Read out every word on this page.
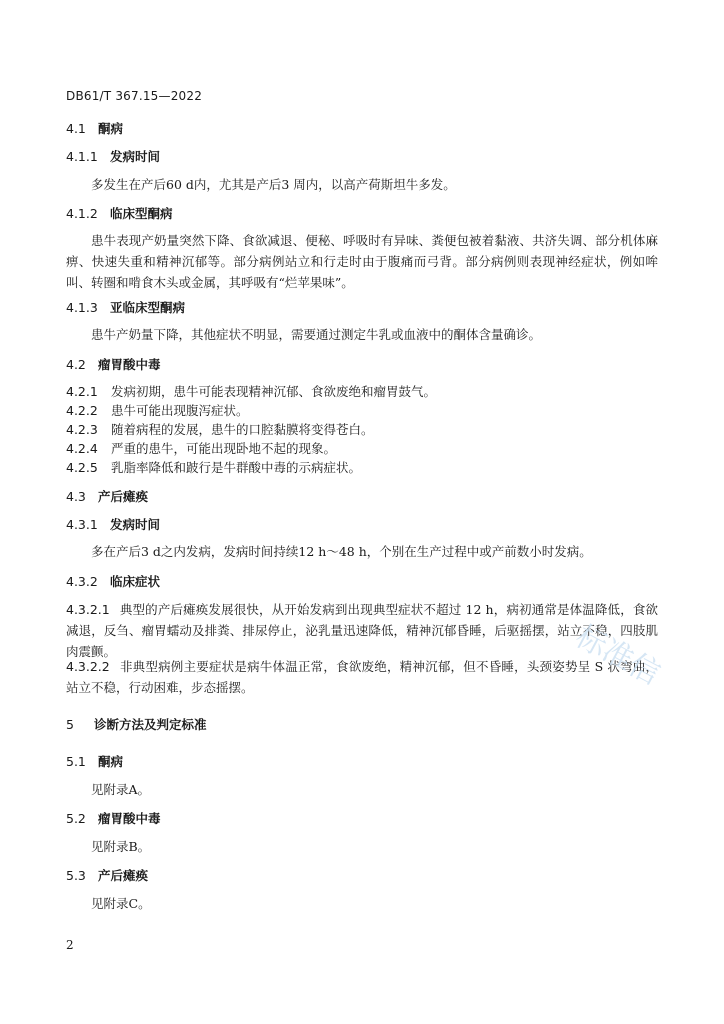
DB61/T 367.15—2022
4.1 酮病
4.1.1 发病时间
多发生在产后60 d内，尤其是产后3 周内，以高产荷斯坦牛多发。
4.1.2 临床型酮病
患牛表现产奶量突然下降、食欲减退、便秘、呼吸时有异味、粪便包被着黏液、共济失调、部分机体麻痹、快速失重和精神沉郁等。部分病例站立和行走时由于腹痛而弓背。部分病例则表现神经症状，例如哞叫、转圈和啃食木头或金属，其呼吸有“烂苹果味”。
4.1.3 亚临床型酮病
患牛产奶量下降，其他症状不明显，需要通过测定牛乳或血液中的酮体含量确诊。
4.2 瘤胃酸中毒
4.2.1 发病初期，患牛可能表现精神沉郁、食欲废绝和瘤胃鼓气。
4.2.2 患牛可能出现腹泻症状。
4.2.3 随着病程的发展，患牛的口腔黏膜将变得苍白。
4.2.4 严重的患牛，可能出现卧地不起的现象。
4.2.5 乳脂率降低和跛行是牛群酸中毒的示病症状。
4.3 产后瘫痪
4.3.1 发病时间
多在产后3 d之内发病，发病时间持续12 h～48 h，个别在生产过程中或产前数小时发病。
4.3.2 临床症状
4.3.2.1 典型的产后瘫痪发展很快，从开始发病到出现典型症状不超过 12 h，病初通常是体温降低，食欲减退，反刍、瘤胃蠕动及排粪、排尿停止，泌乳量迅速降低，精神沉郁昏睡，后驱摇摆，站立不稳，四肢肌肉震颤。
4.3.2.2 非典型病例主要症状是病牛体温正常，食欲废绝，精神沉郁，但不昏睡，头颈姿势呈 S 状弯曲，站立不稳，行动困难，步态摇摆。
5 诊断方法及判定标准
5.1 酮病
见附录A。
5.2 瘤胃酸中毒
见附录B。
5.3 产后瘫痪
见附录C。
2
标准信
